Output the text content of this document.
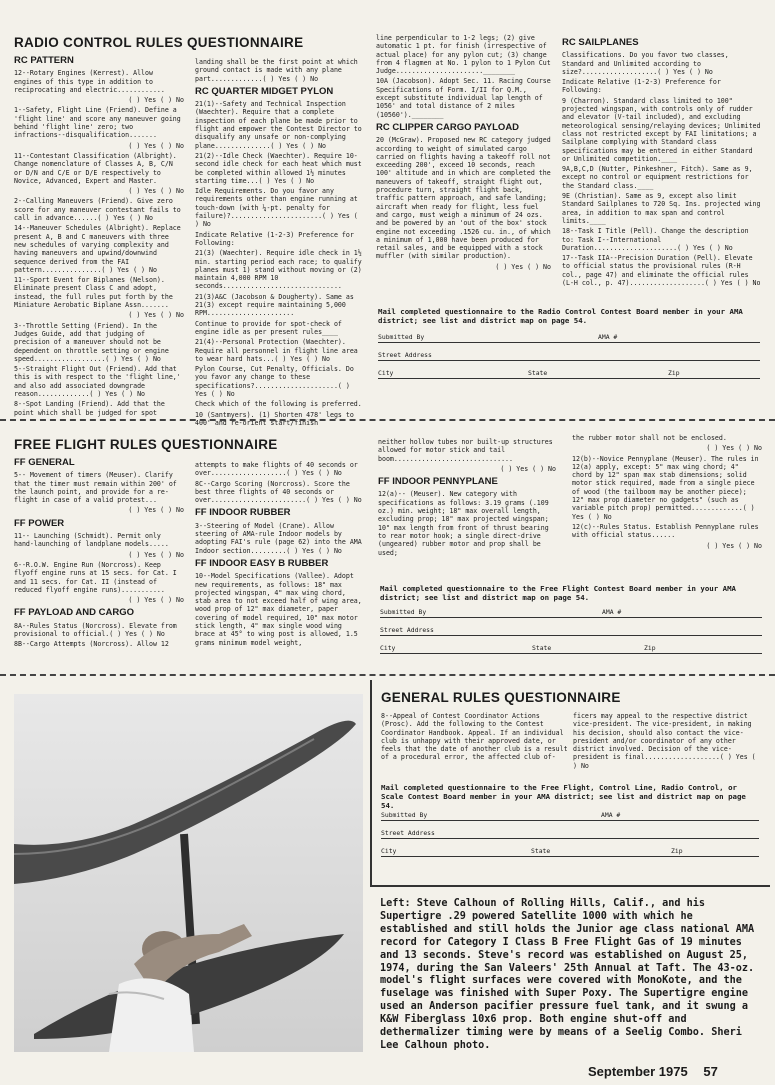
RADIO CONTROL RULES QUESTIONNAIRE

RC PATTERN

12--Rotary Engines (Kerrest). Allow engines of this type in addition to reciprocating and electric............

( ) Yes ( ) No

1--Safety, Flight Line (Friend). Define a 'flight line' and score any maneuver going behind 'flight line' zero; two infractions--disqualification.......

( ) Yes ( ) No

11--Contestant Classification (Albright). Change nomenclature of Classes A, B, C/N or D/N and C/E or D/E respectively to Novice, Advanced, Expert and Master.

( ) Yes ( ) No

2--Calling Maneuvers (Friend). Give zero score for any maneuver contestant fails to call in advance......( ) Yes ( ) No

14--Maneuver Schedules (Albright). Replace present A, B and C maneuvers with three new schedules of varying complexity and having maneuvers and upwind/downwind sequence derived from the FAI pattern...............( ) Yes ( ) No

11--Sport Event for Biplanes (Nelson). Eliminate present Class C and adopt, instead, the full rules put forth by the Miniature Aerobatic Biplane Assn.......

( ) Yes ( ) No

3--Throttle Setting (Friend). In the Judges Guide, add that judging of precision of a maneuver should not be dependent on throttle setting or engine speed..................( ) Yes ( ) No

5--Straight Flight Out (Friend). Add that this is with respect to the 'flight line,' and also add associated downgrade reason.............( ) Yes ( ) No

8--Spot Landing (Friend). Add that the point which shall be judged for spot

landing shall be the first point at which ground contact is made with any plane part.............( ) Yes ( ) No

RC QUARTER MIDGET PYLON

21(1)--Safety and Technical Inspection (Waechter). Require that a complete inspection of each plane be made prior to flight and empower the Contest Director to disqualify any unsafe or non-complying plane..............( ) Yes ( ) No

21(2)--Idle Check (Waechter). Require 10-second idle check for each heat which must be completed within allowed 1½ minutes starting time...( ) Yes ( ) No

Idle Requirements. Do you favor any requirements other than engine running at touch-down (with ¼-pt. penalty for failure)?.......................( ) Yes ( ) No

Indicate Relative (1-2-3) Preference for Following:

21(3) (Waechter). Require idle check in 1½ min. starting period each race; to qualify planes must 1) stand without moving or (2) maintain 4,000 RPM 10 seconds..............................

21(3)A&C (Jacobson & Dougherty). Same as 21(3) except require maintaining 5,000 RPM......................

Continue to provide for spot-check of engine idle as per present rules____

21(4)--Personal Protection (Waechter). Require all personnel in flight line area to wear hard hats...( ) Yes ( ) No

Pylon Course, Cut Penalty, Officials. Do you favor any change to these specifications?.....................( ) Yes ( ) No

Check which of the following is preferred.

10 (Santmyers). (1) Shorten 478' legs to 400' and re-orient start/finish

line perpendicular to 1-2 legs; (2) give automatic 1 pt. for finish (irrespective of actual place) for any pylon cut; (3) change from 4 flagmen at No. 1 pylon to 1 Pylon Cut Judge......................________

10A (Jacobson). Adopt Sec. 11. Racing Course Specifications of Form. I/II for Q.M., except substitute individual lap length of 1056' and total distance of 2 miles (10560').________

RC CLIPPER CARGO PAYLOAD

20 (McGraw). Proposed new RC category judged according to weight of simulated cargo carried on flights having a takeoff roll not exceeding 200', exceed 10 seconds, reach 100' altitude and in which are completed the maneuvers of takeoff, straight flight out, procedure turn, straight flight back, traffic pattern approach, and safe landing; aircraft when ready for flight, less fuel and cargo, must weigh a minimum of 24 ozs. and be powered by an 'out of the box' stock engine not exceeding .1526 cu. in., of which a minimum of 1,000 have been produced for retail sales, and be equipped with a stock muffler (with similar production).

( ) Yes ( ) No

RC SAILPLANES

Classifications. Do you favor two classes, Standard and Unlimited according to size?...................( ) Yes ( ) No

Indicate Relative (1-2-3) Preference for Following:

9 (Charron). Standard class limited to 100" projected wingspan, with controls only of rudder and elevator (V-tail included), and excluding meteorological sensing/relaying devices; Unlimited class not restricted except by FAI limitations; a Sailplane complying with Standard class specifications may be entered in either Standard or Unlimited competition.____

9A,B,C,D (Nutter, Pinkeshner, Fitch). Same as 9, except no control or equipment restrictions for the Standard class.____

9E (Christian). Same as 9, except also limit Standard Sailplanes to 720 Sq. Ins. projected wing area, in addition to max span and control limits.____

18--Task I Title (Pell). Change the description to: Task I--International Duration.....................( ) Yes ( ) No

17--Task IIA--Precision Duration (Pell). Elevate to official status the provisional rules (R-H col., page 47) and eliminate the official rules (L-H col., p. 47)...................( ) Yes ( ) No

Mail completed questionnaire to the Radio Control Contest Board member in your AMA district; see list and district map on page 54.
Submitted By	AMA #
Street Address
City	State	Zip
FREE FLIGHT RULES QUESTIONNAIRE

FF GENERAL

5-- Movement of timers (Meuser). Clarify that the timer must remain within 200' of the launch point, and provide for a re-flight in case of a valid protest...

( ) Yes ( ) No

FF POWER

11-- Launching (Schmidt). Permit only hand-launching of landplane models.....

( ) Yes ( ) No

6--R.O.W. Engine Run (Norcross). Keep flyoff engine runs at 15 secs. for Cat. I and 11 secs. for Cat. II (instead of reduced flyoff engine runs)...........

( ) Yes ( ) No

FF PAYLOAD AND CARGO

8A--Rules Status (Norcross). Elevate from provisional to official.( ) Yes ( ) No

8B--Cargo Attempts (Norcross). Allow 12

attempts to make flights of 40 seconds or over...................( ) Yes ( ) No

8C--Cargo Scoring (Norcross). Score the best three flights of 40 seconds or over........................( ) Yes ( ) No

FF INDOOR RUBBER

3--Steering of Model (Crane). Allow steering of AMA-rule Indoor models by adopting FAI's rule (page 62) into the AMA Indoor section.........( ) Yes ( ) No

FF INDOOR EASY B RUBBER

10--Model Specifications (Vallee). Adopt new requirements, as follows: 18" max projected wingspan, 4" max wing chord, stab area to not exceed half of wing area, wood prop of 12" max diameter, paper covering of model required, 10" max motor stick length, 4" max single wood wing brace at 45° to wing post is allowed, 1.5 grams minimum model weight,

neither hollow tubes nor built-up structures allowed for motor stick and tail boom..............................

( ) Yes ( ) No

FF INDOOR PENNYPLANE

12(a)-- (Meuser). New category with specifications as follows: 3.19 grams (.109 oz.) min. weight; 18" max overall length, excluding prop; 18" max projected wingspan; 10" max length from front of thrust bearing to rear motor hook; a single direct-drive (ungeared) rubber motor and prop shall be used;

the rubber motor shall not be enclosed.

( ) Yes ( ) No

12(b)--Novice Pennyplane (Meuser). The rules in 12(a) apply, except: 5" max wing chord; 4" chord by 12" span max stab dimensions; solid motor stick required, made from a single piece of wood (the tailboom may be another piece); 12" max prop diameter no gadgets" (such as variable pitch prop) permitted.............( ) Yes ( ) No

12(c)--Rules Status. Establish Pennyplane rules with official status......

( ) Yes ( ) No

Mail completed questionnaire to the Free Flight Contest Board member in your AMA district; see list and district map on page 54.
Submitted By	AMA #
Street Address
City	State	Zip
GENERAL RULES QUESTIONNAIRE

8--Appeal of Contest Coordinator Actions (Prosc). Add the following to the Contest Coordinator Handbook. Appeal. If an individual club is unhappy with their approved date, or feels that the date of another club is a result of a procedural error, the affected club of-

ficers may appeal to the respective district vice-president. The vice-president, in making his decision, should also contact the vice-president and/or coordinator of any other district involved. Decision of the vice-president is final...................( ) Yes ( ) No

Mail completed questionnaire to the Free Flight, Control Line, Radio Control, or Scale Contest Board member in your AMA district; see list and district map on page 54.
Submitted By	AMA #
Street Address
City	State	Zip
Left: Steve Calhoun of Rolling Hills, Calif., and his Supertigre .29 powered Satellite 1000 with which he established and still holds the Junior age class national AMA record for Category I Class B Free Flight Gas of 19 minutes and 13 seconds. Steve's record was established on August 25, 1974, during the San Valeers' 25th Annual at Taft. The 43-oz. model's flight surfaces were covered with MonoKote, and the fuselage was finished with Super Poxy. The Supertigre engine used an Anderson pacifier pressure fuel tank, and it swung a K&W Fiberglass 10x6 prop. Both engine shut-off and dethermalizer timing were by means of a Seelig Combo. Sheri Lee Calhoun photo.
September 1975 57
